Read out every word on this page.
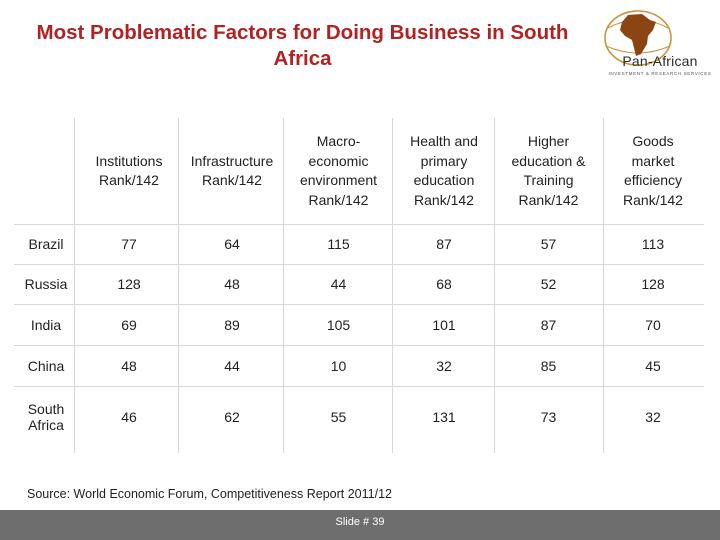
Most Problematic Factors for Doing Business in South Africa	Pan-African
INVESTMENT & RESEARCH SERVICES
	Institutions
Rank/142	Infrastructure
Rank/142	Macro-
economic
environment
Rank/142	Health and
primary
education
Rank/142	Higher
education &
Training
Rank/142	Goods
market
efficiency
Rank/142
Brazil	77	64	115	87	57	113
Russia	128	48	44	68	52	128
India	69	89	105	101	87	70
China	48	44	10	32	85	45
South
Africa	46	62	55	131	73	32
Source: World Economic Forum, Competitiveness Report 2011/12
Slide # 39
